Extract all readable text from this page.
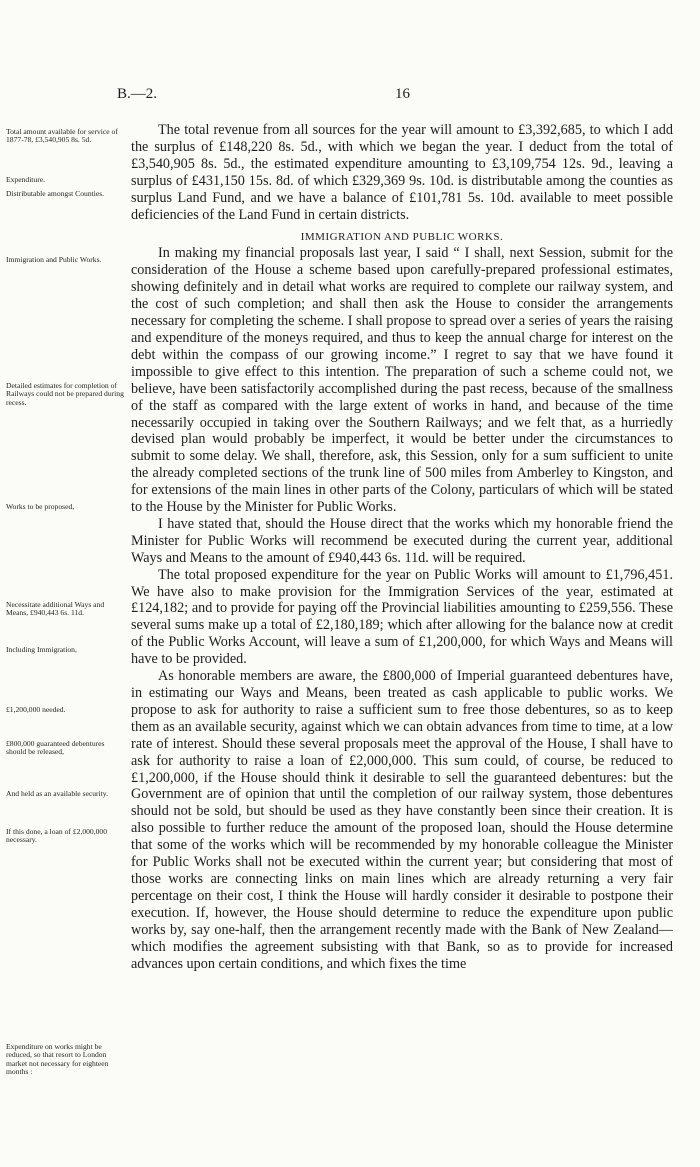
B.—2.	16
Total amount available for service of 1877-78, £3,540,905 8s. 5d.
Expenditure.
Distributable amongst Counties.
Immigration and Public Works.
Detailed estimates for completion of Railways could not be prepared during recess.
Works to be proposed,
Necessitate additional Ways and Means, £940,443 6s. 11d.
Including Immigration,
£1,200,000 needed.
£800,000 guaranteed debentures should be released,
And held as an available security.
If this done, a loan of £2,000,000 necessary.
Expenditure on works might be reduced, so that resort to London market not necessary for eighteen months :

The total revenue from all sources for the year will amount to £3,392,685, to which I add the surplus of £148,220 8s. 5d., with which we began the year. I deduct from the total of £3,540,905 8s. 5d., the estimated expenditure amounting to £3,109,754 12s. 9d., leaving a surplus of £431,150 15s. 8d. of which £329,369 9s. 10d. is distributable among the counties as surplus Land Fund, and we have a balance of £101,781 5s. 10d. available to meet possible deficiencies of the Land Fund in certain districts.

IMMIGRATION AND PUBLIC WORKS.

In making my financial proposals last year, I said “ I shall, next Session, submit for the consideration of the House a scheme based upon carefully-prepared professional estimates, showing definitely and in detail what works are required to complete our railway system, and the cost of such completion; and shall then ask the House to consider the arrangements necessary for completing the scheme. I shall propose to spread over a series of years the raising and expenditure of the moneys required, and thus to keep the annual charge for interest on the debt within the compass of our growing income.” I regret to say that we have found it impossible to give effect to this intention. The preparation of such a scheme could not, we believe, have been satisfactorily accomplished during the past recess, because of the smallness of the staff as compared with the large extent of works in hand, and because of the time necessarily occupied in taking over the Southern Railways; and we felt that, as a hurriedly devised plan would probably be imperfect, it would be better under the circumstances to submit to some delay. We shall, therefore, ask, this Session, only for a sum sufficient to unite the already completed sections of the trunk line of 500 miles from Amberley to Kingston, and for extensions of the main lines in other parts of the Colony, particulars of which will be stated to the House by the Minister for Public Works.

I have stated that, should the House direct that the works which my honorable friend the Minister for Public Works will recommend be executed during the current year, additional Ways and Means to the amount of £940,443 6s. 11d. will be required.

The total proposed expenditure for the year on Public Works will amount to £1,796,451. We have also to make provision for the Immigration Services of the year, estimated at £124,182; and to provide for paying off the Provincial liabilities amounting to £259,556. These several sums make up a total of £2,180,189; which after allowing for the balance now at credit of the Public Works Account, will leave a sum of £1,200,000, for which Ways and Means will have to be provided.

As honorable members are aware, the £800,000 of Imperial guaranteed debentures have, in estimating our Ways and Means, been treated as cash applicable to public works. We propose to ask for authority to raise a sufficient sum to free those debentures, so as to keep them as an available security, against which we can obtain advances from time to time, at a low rate of interest. Should these several proposals meet the approval of the House, I shall have to ask for authority to raise a loan of £2,000,000. This sum could, of course, be reduced to £1,200,000, if the House should think it desirable to sell the guaranteed debentures: but the Government are of opinion that until the completion of our railway system, those debentures should not be sold, but should be used as they have constantly been since their creation. It is also possible to further reduce the amount of the proposed loan, should the House determine that some of the works which will be recommended by my honorable colleague the Minister for Public Works shall not be executed within the current year; but considering that most of those works are connecting links on main lines which are already returning a very fair percentage on their cost, I think the House will hardly consider it desirable to postpone their execution. If, however, the House should determine to reduce the expenditure upon public works by, say one-half, then the arrangement recently made with the Bank of New Zealand—which modifies the agreement subsisting with that Bank, so as to provide for increased advances upon certain conditions, and which fixes the time
